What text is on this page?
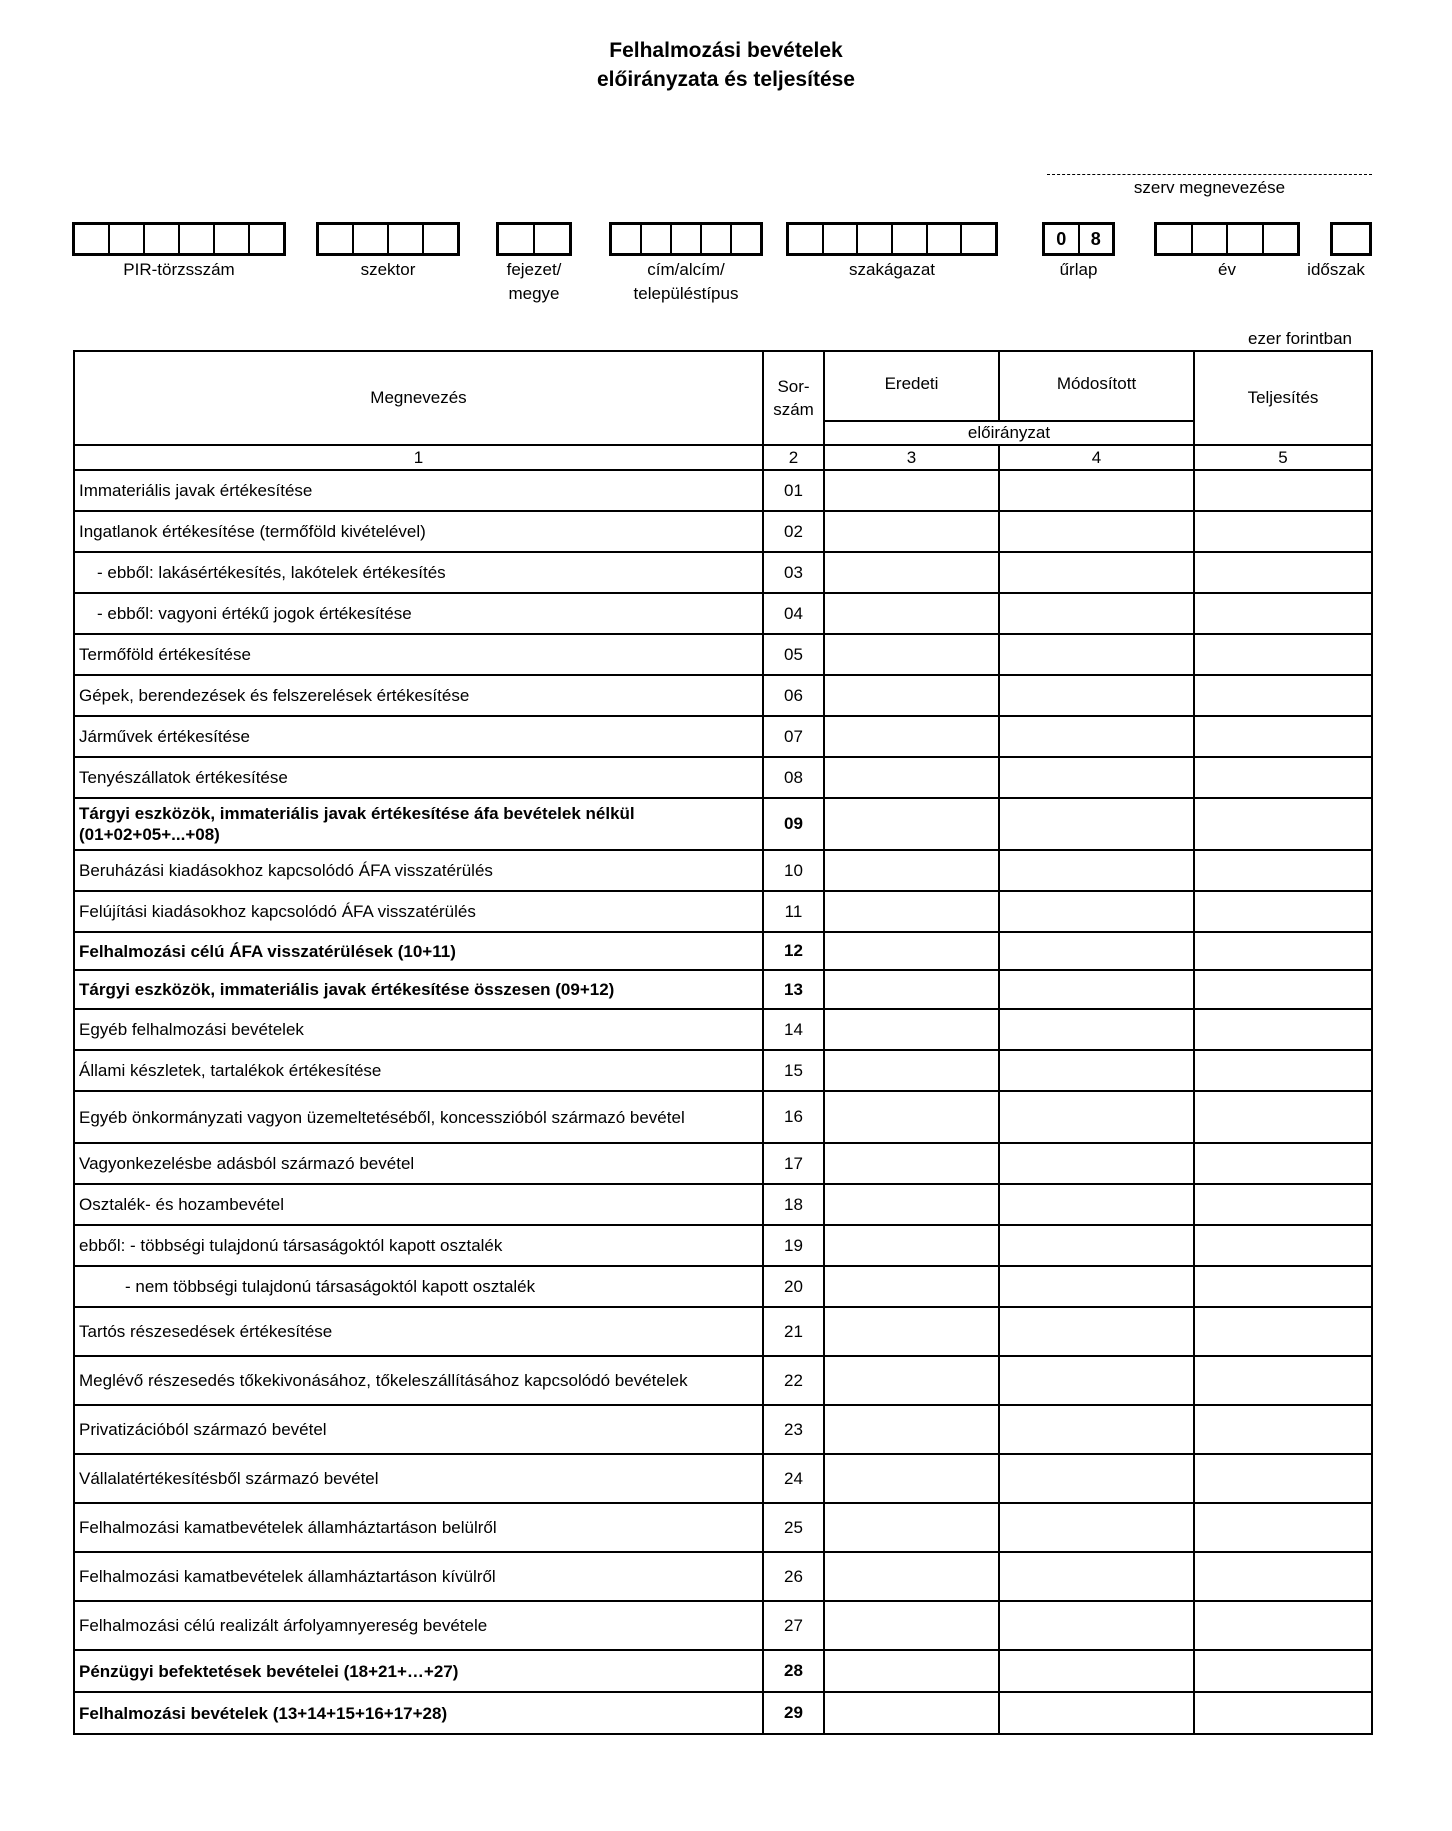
Felhalmozási bevételek
előirányzata és teljesítése
szerv megnevezése
PIR-törzsszám	szektor	fejezet/
megye
cím/alcím/
településtípus
szakágazat
0	8
űrlap	év	időszak
ezer forintban
Megnevezés	Sor-
szám	Eredeti	Módosított	Teljesítés
		előirányzat		
1	2	3	4	5
Immateriális javak értékesítése	01			
Ingatlanok értékesítése (termőföld kivételével)	02			
- ebből: lakásértékesítés, lakótelek értékesítés	03			
- ebből: vagyoni értékű jogok értékesítése	04			
Termőföld értékesítése	05			
Gépek, berendezések és felszerelések értékesítése	06			
Járművek értékesítése	07			
Tenyészállatok értékesítése	08			
Tárgyi eszközök, immateriális javak értékesítése áfa bevételek nélkül (01+02+05+...+08)	09			
Beruházási kiadásokhoz kapcsolódó ÁFA visszatérülés	10			
Felújítási kiadásokhoz kapcsolódó ÁFA visszatérülés	11			
Felhalmozási célú ÁFA visszatérülések (10+11)	12			
Tárgyi eszközök, immateriális javak értékesítése összesen (09+12)	13			
Egyéb felhalmozási bevételek	14			
Állami készletek, tartalékok értékesítése	15			
Egyéb önkormányzati vagyon üzemeltetéséből, koncesszióból származó bevétel	16			
Vagyonkezelésbe adásból származó bevétel	17			
Osztalék- és hozambevétel	18			
ebből: - többségi tulajdonú társaságoktól kapott osztalék	19			
- nem többségi tulajdonú társaságoktól kapott osztalék	20			
Tartós részesedések értékesítése	21			
Meglévő részesedés tőkekivonásához, tőkeleszállításához kapcsolódó bevételek	22			
Privatizációból származó bevétel	23			
Vállalatértékesítésből származó bevétel	24			
Felhalmozási kamatbevételek államháztartáson belülről	25			
Felhalmozási kamatbevételek államháztartáson kívülről	26			
Felhalmozási célú realizált árfolyamnyereség bevétele	27			
Pénzügyi befektetések bevételei (18+21+…+27)	28			
Felhalmozási bevételek (13+14+15+16+17+28)	29			
